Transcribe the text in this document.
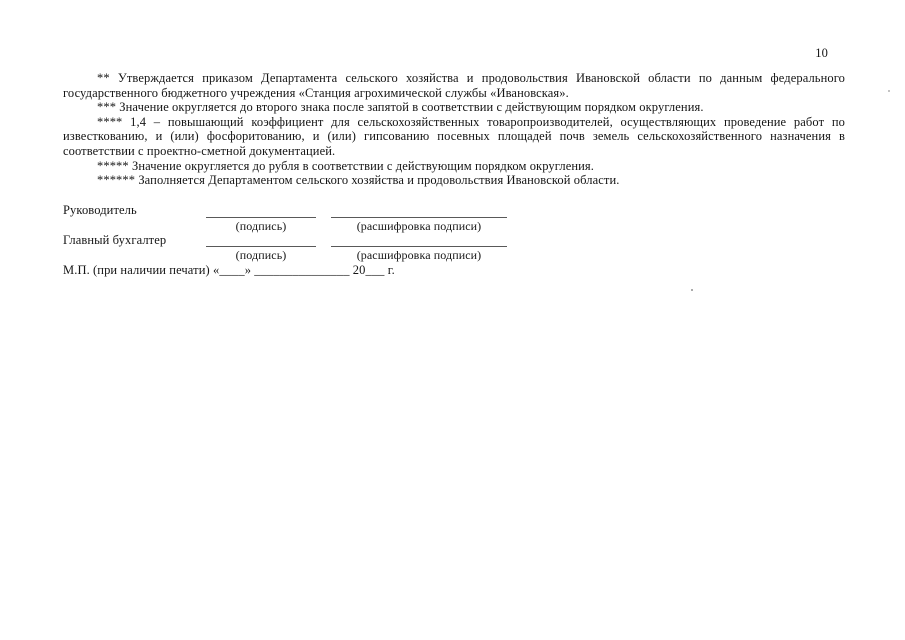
10
** Утверждается приказом Департамента сельского хозяйства и продовольствия Ивановской области по данным федерального
государственного бюджетного учреждения «Станция агрохимической службы «Ивановская».
*** Значение округляется до второго знака после запятой в соответствии с действующим порядком округления.
**** 1,4 – повышающий коэффициент для сельскохозяйственных товаропроизводителей, осуществляющих проведение работ по
известкованию, и (или) фосфоритованию, и (или) гипсованию посевных площадей почв земель сельскохозяйственного назначения в
соответствии с проектно-сметной документацией.
***** Значение округляется до рубля в соответствии с действующим порядком округления.
****** Заполняется Департаментом сельского хозяйства и продовольствия Ивановской области.
Руководитель
(подпись)	(расшифровка подписи)
Главный бухгалтер
(подпись)	(расшифровка подписи)
М.П. (при наличии печати) «____» _______________ 20___ г.
